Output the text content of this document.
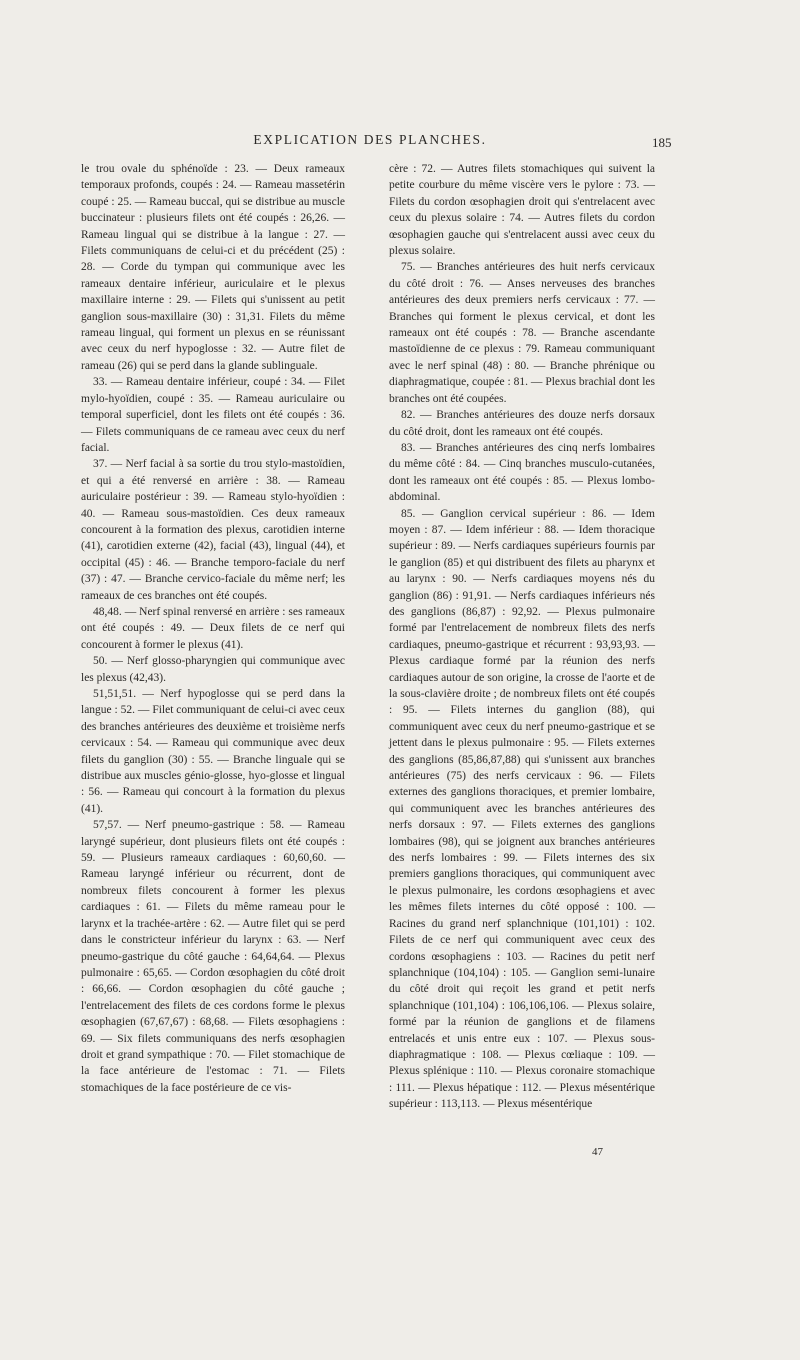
EXPLICATION DES PLANCHES.	185

le trou ovale du sphénoïde : 23. — Deux rameaux temporaux profonds, coupés : 24. — Rameau massetérin coupé : 25. — Rameau buccal, qui se distribue au muscle buccinateur : plusieurs filets ont été coupés : 26,26. — Rameau lingual qui se distribue à la langue : 27. — Filets communiquans de celui-ci et du précédent (25) : 28. — Corde du tympan qui communique avec les rameaux dentaire inférieur, auriculaire et le plexus maxillaire interne : 29. — Filets qui s'unissent au petit ganglion sous-maxillaire (30) : 31,31. Filets du même rameau lingual, qui forment un plexus en se réunissant avec ceux du nerf hypoglosse : 32. — Autre filet de rameau (26) qui se perd dans la glande sublinguale.

33. — Rameau dentaire inférieur, coupé : 34. — Filet mylo-hyoïdien, coupé : 35. — Rameau auriculaire ou temporal superficiel, dont les filets ont été coupés : 36. — Filets communiquans de ce rameau avec ceux du nerf facial.

37. — Nerf facial à sa sortie du trou stylo-mastoïdien, et qui a été renversé en arrière : 38. — Rameau auriculaire postérieur : 39. — Rameau stylo-hyoïdien : 40. — Rameau sous-mastoïdien. Ces deux rameaux concourent à la formation des plexus, carotidien interne (41), carotidien externe (42), facial (43), lingual (44), et occipital (45) : 46. — Branche temporo-faciale du nerf (37) : 47. — Branche cervico-faciale du même nerf; les rameaux de ces branches ont été coupés.

48,48. — Nerf spinal renversé en arrière : ses rameaux ont été coupés : 49. — Deux filets de ce nerf qui concourent à former le plexus (41).

50. — Nerf glosso-pharyngien qui communique avec les plexus (42,43).

51,51,51. — Nerf hypoglosse qui se perd dans la langue : 52. — Filet communiquant de celui-ci avec ceux des branches antérieures des deuxième et troisième nerfs cervicaux : 54. — Rameau qui communique avec deux filets du ganglion (30) : 55. — Branche linguale qui se distribue aux muscles génio-glosse, hyo-glosse et lingual : 56. — Rameau qui concourt à la formation du plexus (41).

57,57. — Nerf pneumo-gastrique : 58. — Rameau laryngé supérieur, dont plusieurs filets ont été coupés : 59. — Plusieurs rameaux cardiaques : 60,60,60. — Rameau laryngé inférieur ou récurrent, dont de nombreux filets concourent à former les plexus cardiaques : 61. — Filets du même rameau pour le larynx et la trachée-artère : 62. — Autre filet qui se perd dans le constricteur inférieur du larynx : 63. — Nerf pneumo-gastrique du côté gauche : 64,64,64. — Plexus pulmonaire : 65,65. — Cordon œsophagien du côté droit : 66,66. — Cordon œsophagien du côté gauche ; l'entrelacement des filets de ces cordons forme le plexus œsophagien (67,67,67) : 68,68. — Filets œsophagiens : 69. — Six filets communiquans des nerfs œsophagien droit et grand sympathique : 70. — Filet stomachique de la face antérieure de l'estomac : 71. — Filets stomachiques de la face postérieure de ce vis-

cère : 72. — Autres filets stomachiques qui suivent la petite courbure du même viscère vers le pylore : 73. — Filets du cordon œsophagien droit qui s'entrelacent avec ceux du plexus solaire : 74. — Autres filets du cordon œsophagien gauche qui s'entrelacent aussi avec ceux du plexus solaire.

75. — Branches antérieures des huit nerfs cervicaux du côté droit : 76. — Anses nerveuses des branches antérieures des deux premiers nerfs cervicaux : 77. — Branches qui forment le plexus cervical, et dont les rameaux ont été coupés : 78. — Branche ascendante mastoïdienne de ce plexus : 79. Rameau communiquant avec le nerf spinal (48) : 80. — Branche phrénique ou diaphragmatique, coupée : 81. — Plexus brachial dont les branches ont été coupées.

82. — Branches antérieures des douze nerfs dorsaux du côté droit, dont les rameaux ont été coupés.

83. — Branches antérieures des cinq nerfs lombaires du même côté : 84. — Cinq branches musculo-cutanées, dont les rameaux ont été coupés : 85. — Plexus lombo-abdominal.

85. — Ganglion cervical supérieur : 86. — Idem moyen : 87. — Idem inférieur : 88. — Idem thoracique supérieur : 89. — Nerfs cardiaques supérieurs fournis par le ganglion (85) et qui distribuent des filets au pharynx et au larynx : 90. — Nerfs cardiaques moyens nés du ganglion (86) : 91,91. — Nerfs cardiaques inférieurs nés des ganglions (86,87) : 92,92. — Plexus pulmonaire formé par l'entrelacement de nombreux filets des nerfs cardiaques, pneumo-gastrique et récurrent : 93,93,93. — Plexus cardiaque formé par la réunion des nerfs cardiaques autour de son origine, la crosse de l'aorte et de la sous-clavière droite ; de nombreux filets ont été coupés : 95. — Filets internes du ganglion (88), qui communiquent avec ceux du nerf pneumo-gastrique et se jettent dans le plexus pulmonaire : 95. — Filets externes des ganglions (85,86,87,88) qui s'unissent aux branches antérieures (75) des nerfs cervicaux : 96. — Filets externes des ganglions thoraciques, et premier lombaire, qui communiquent avec les branches antérieures des nerfs dorsaux : 97. — Filets externes des ganglions lombaires (98), qui se joignent aux branches antérieures des nerfs lombaires : 99. — Filets internes des six premiers ganglions thoraciques, qui communiquent avec le plexus pulmonaire, les cordons œsophagiens et avec les mêmes filets internes du côté opposé : 100. — Racines du grand nerf splanchnique (101,101) : 102. Filets de ce nerf qui communiquent avec ceux des cordons œsophagiens : 103. — Racines du petit nerf splanchnique (104,104) : 105. — Ganglion semi-lunaire du côté droit qui reçoit les grand et petit nerfs splanchnique (101,104) : 106,106,106. — Plexus solaire, formé par la réunion de ganglions et de filamens entrelacés et unis entre eux : 107. — Plexus sous-diaphragmatique : 108. — Plexus cœliaque : 109. — Plexus splénique : 110. — Plexus coronaire stomachique : 111. — Plexus hépatique : 112. — Plexus mésentérique supérieur : 113,113. — Plexus mésentérique

47
